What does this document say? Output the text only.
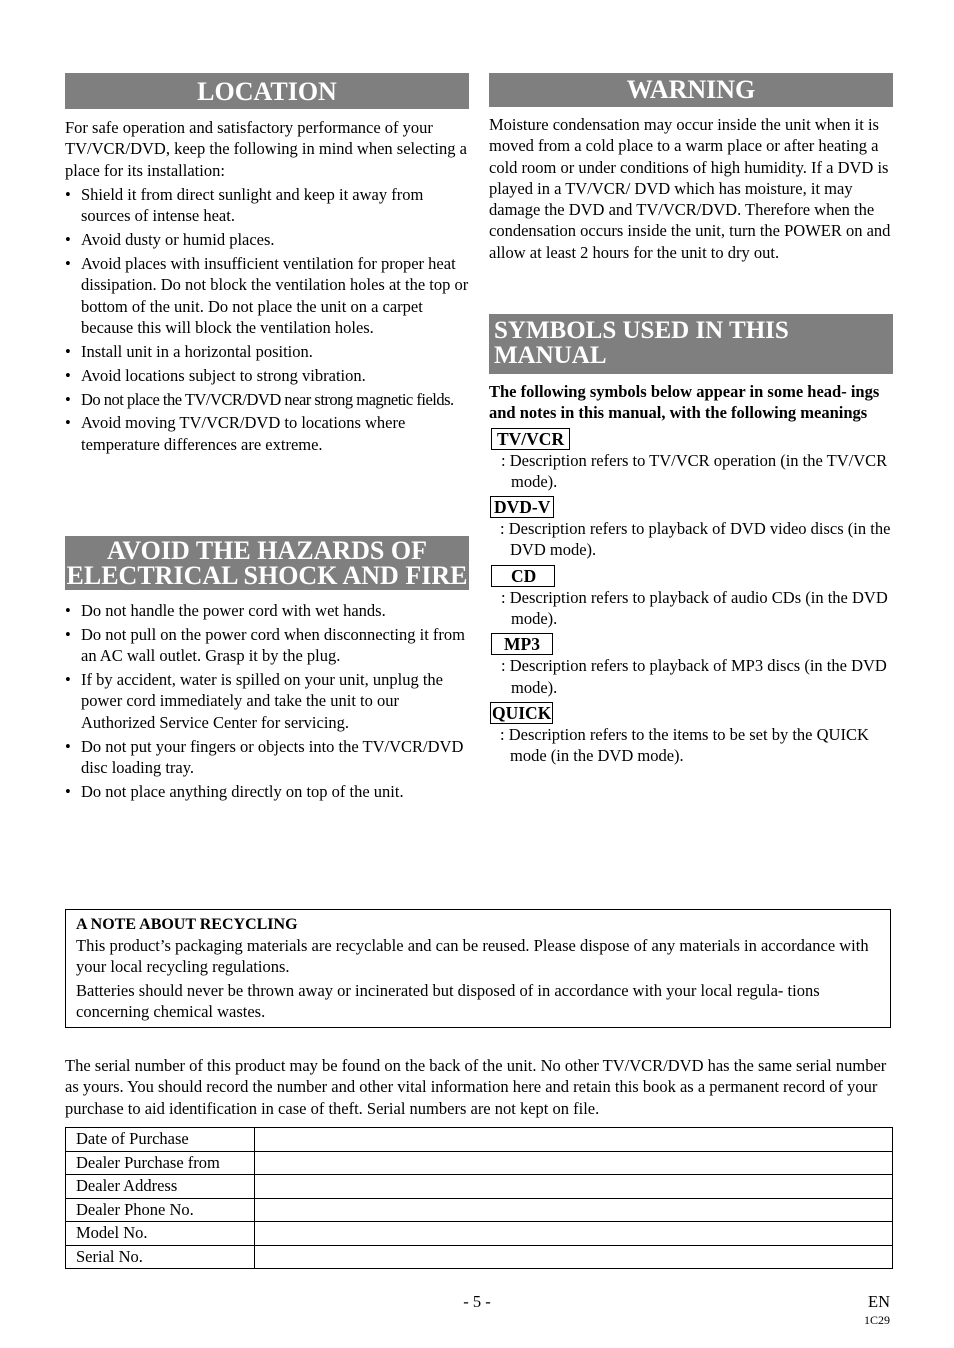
LOCATION

For safe operation and satisfactory performance of your TV/VCR/DVD, keep the following in mind when selecting a place for its installation:

• Shield it from direct sunlight and keep it away from sources of intense heat.
• Avoid dusty or humid places.
• Avoid places with insufficient ventilation for proper heat dissipation. Do not block the ventilation holes at the top or bottom of the unit. Do not place the unit on a carpet because this will block the ventilation holes.
• Install unit in a horizontal position.
• Avoid locations subject to strong vibration.
• Do not place the TV/VCR/DVD near strong magnetic fields.
• Avoid moving TV/VCR/DVD to locations where temperature differences are extreme.
AVOID THE HAZARDS OF
ELECTRICAL SHOCK AND FIRE
• Do not handle the power cord with wet hands.
• Do not pull on the power cord when disconnecting it from an AC wall outlet. Grasp it by the plug.
• If by accident, water is spilled on your unit, unplug the power cord immediately and take the unit to our Authorized Service Center for servicing.
• Do not put your fingers or objects into the TV/VCR/DVD disc loading tray.
• Do not place anything directly on top of the unit.
WARNING

Moisture condensation may occur inside the unit when it is moved from a cold place to a warm place or after heating a cold room or under conditions of high humidity. If a DVD is played in a TV/VCR/ DVD which has moisture, it may damage the DVD and TV/VCR/DVD. Therefore when the condensation occurs inside the unit, turn the POWER on and allow at least 2 hours for the unit to dry out.

SYMBOLS USED IN THIS MANUAL

The following symbols below appear in some head- ings and notes in this manual, with the following meanings

TV/VCR
: Description refers to TV/VCR operation (in the TV/VCR mode).
DVD-V
: Description refers to playback of DVD video discs (in the DVD mode).
CD
: Description refers to playback of audio CDs (in the DVD mode).
MP3
: Description refers to playback of MP3 discs (in the DVD mode).
QUICK
: Description refers to the items to be set by the QUICK mode (in the DVD mode).

A NOTE ABOUT RECYCLING

This product’s packaging materials are recyclable and can be reused. Please dispose of any materials in accordance with your local recycling regulations.

Batteries should never be thrown away or incinerated but disposed of in accordance with your local regula- tions concerning chemical wastes.

The serial number of this product may be found on the back of the unit. No other TV/VCR/DVD has the same serial number as yours. You should record the number and other vital information here and retain this book as a permanent record of your purchase to aid identification in case of theft. Serial numbers are not kept on file.

Date of Purchase	
Dealer Purchase from	
Dealer Address	
Dealer Phone No.	
Model No.	
Serial No.	
- 5 -	EN
1C29
